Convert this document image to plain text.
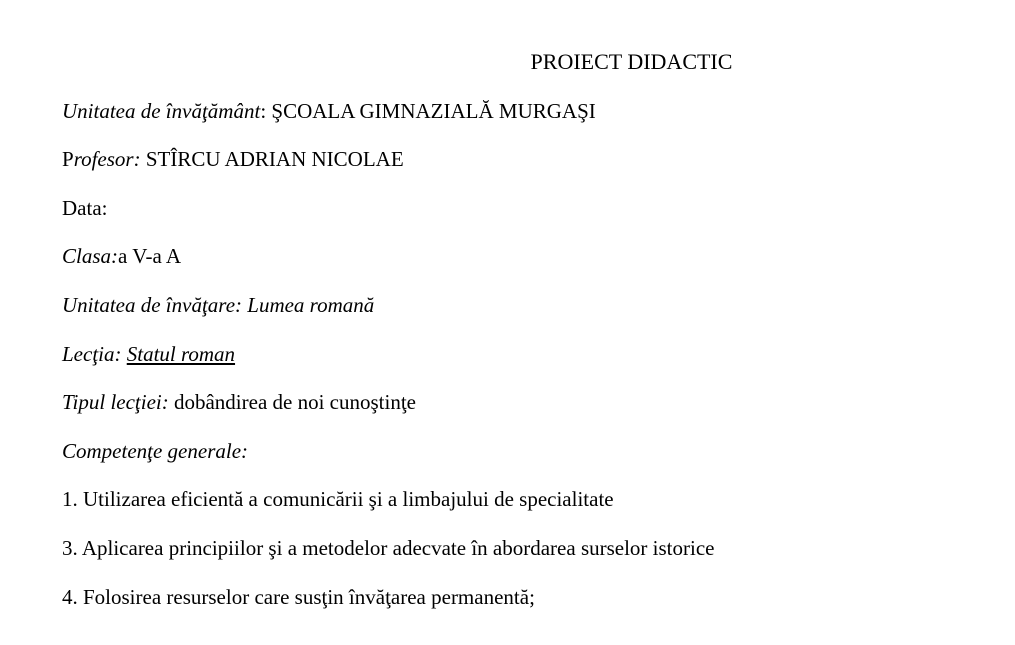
PROIECT DIDACTIC
Unitatea de învăţământ: ŞCOALA GIMNAZIALĂ MURGAŞI
Profesor: STÎRCU ADRIAN NICOLAE
Data:
Clasa:a V-a A
Unitatea de învăţare: Lumea romană
Lecţia: Statul roman
Tipul lecţiei: dobândirea de noi cunoştinţe
Competenţe generale:
1. Utilizarea eficientă a comunicării şi a limbajului de specialitate
3. Aplicarea principiilor şi a metodelor adecvate în abordarea surselor istorice
4. Folosirea resurselor care susţin învăţarea permanentă;
